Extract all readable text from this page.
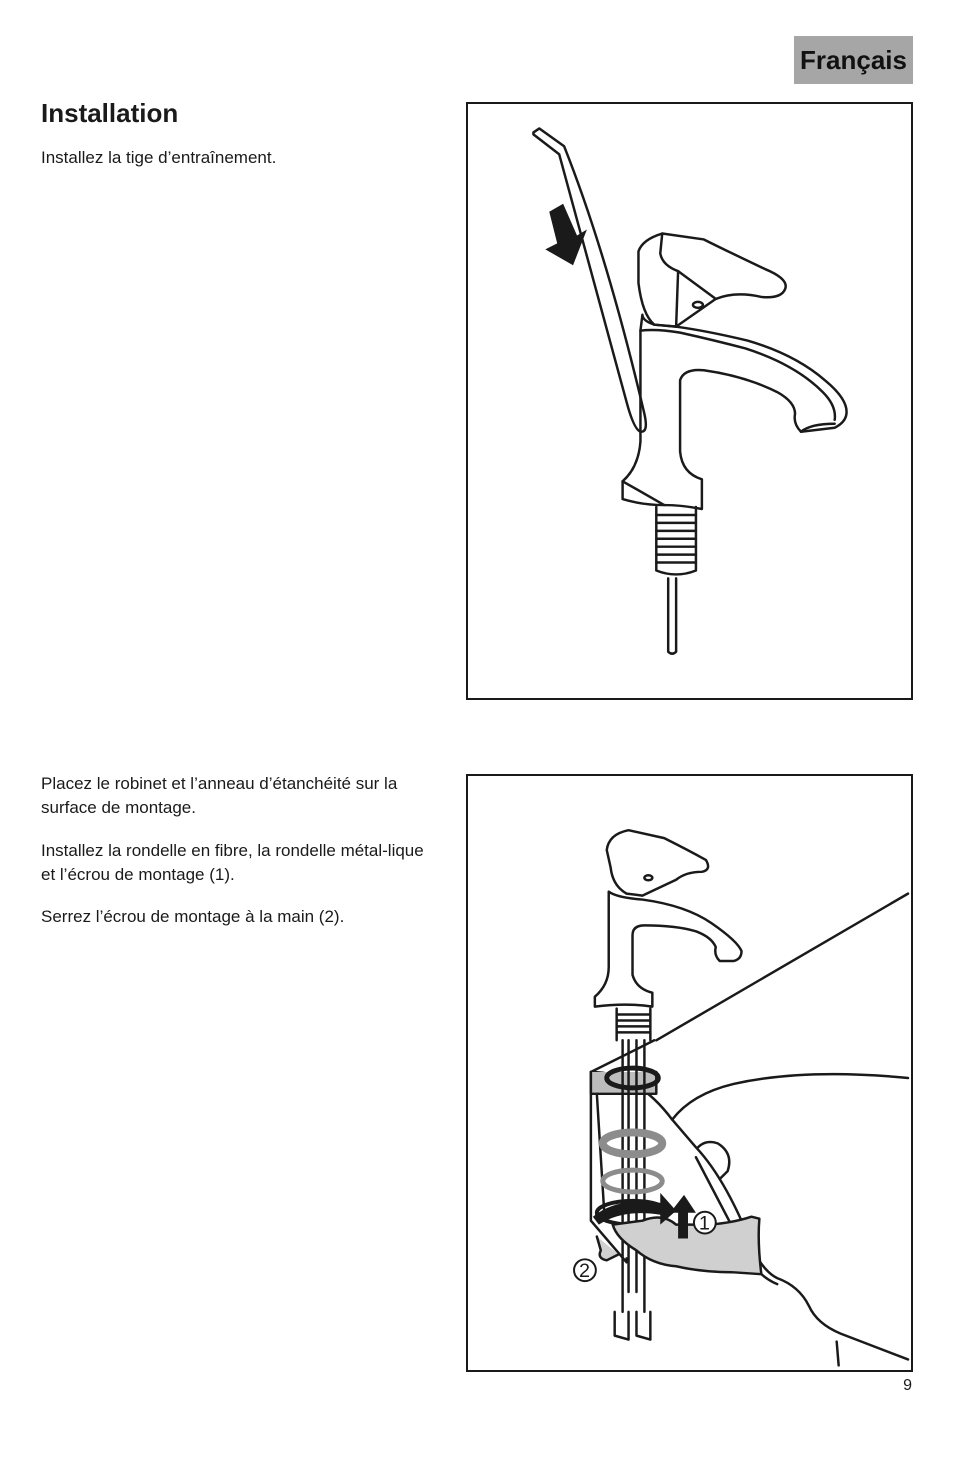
Français
Installation

Installez la tige d’entraînement.

Placez le robinet et l’anneau d’étanchéité sur la surface de montage.

Installez la rondelle en fibre, la rondelle métal-lique et l’écrou de montage (1).

Serrez l’écrou de montage à la main (2).

1
2
9
